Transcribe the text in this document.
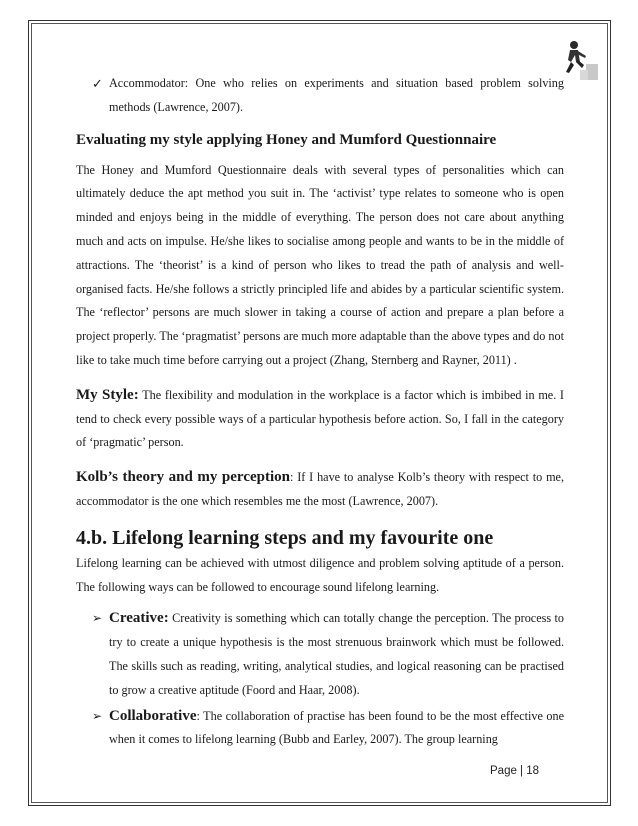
✓ Accommodator: One who relies on experiments and situation based problem solving methods (Lawrence, 2007).

Evaluating my style applying Honey and Mumford Questionnaire

The Honey and Mumford Questionnaire deals with several types of personalities which can ultimately deduce the apt method you suit in. The ‘activist’ type relates to someone who is open minded and enjoys being in the middle of everything. The person does not care about anything much and acts on impulse. He/she likes to socialise among people and wants to be in the middle of attractions. The ‘theorist’ is a kind of person who likes to tread the path of analysis and well-organised facts. He/she follows a strictly principled life and abides by a particular scientific system. The ‘reflector’ persons are much slower in taking a course of action and prepare a plan before a project properly. The ‘pragmatist’ persons are much more adaptable than the above types and do not like to take much time before carrying out a project (Zhang, Sternberg and Rayner, 2011) .

My Style: The flexibility and modulation in the workplace is a factor which is imbibed in me. I tend to check every possible ways of a particular hypothesis before action. So, I fall in the category of ‘pragmatic’ person.

Kolb’s theory and my perception: If I have to analyse Kolb’s theory with respect to me, accommodator is the one which resembles me the most (Lawrence, 2007).

4.b. Lifelong learning steps and my favourite one

Lifelong learning can be achieved with utmost diligence and problem solving aptitude of a person. The following ways can be followed to encourage sound lifelong learning.

➢ Creative: Creativity is something which can totally change the perception. The process to try to create a unique hypothesis is the most strenuous brainwork which must be followed. The skills such as reading, writing, analytical studies, and logical reasoning can be practised to grow a creative aptitude (Foord and Haar, 2008).
➢ Collaborative: The collaboration of practise has been found to be the most effective one when it comes to lifelong learning (Bubb and Earley, 2007). The group learning
Page | 18
